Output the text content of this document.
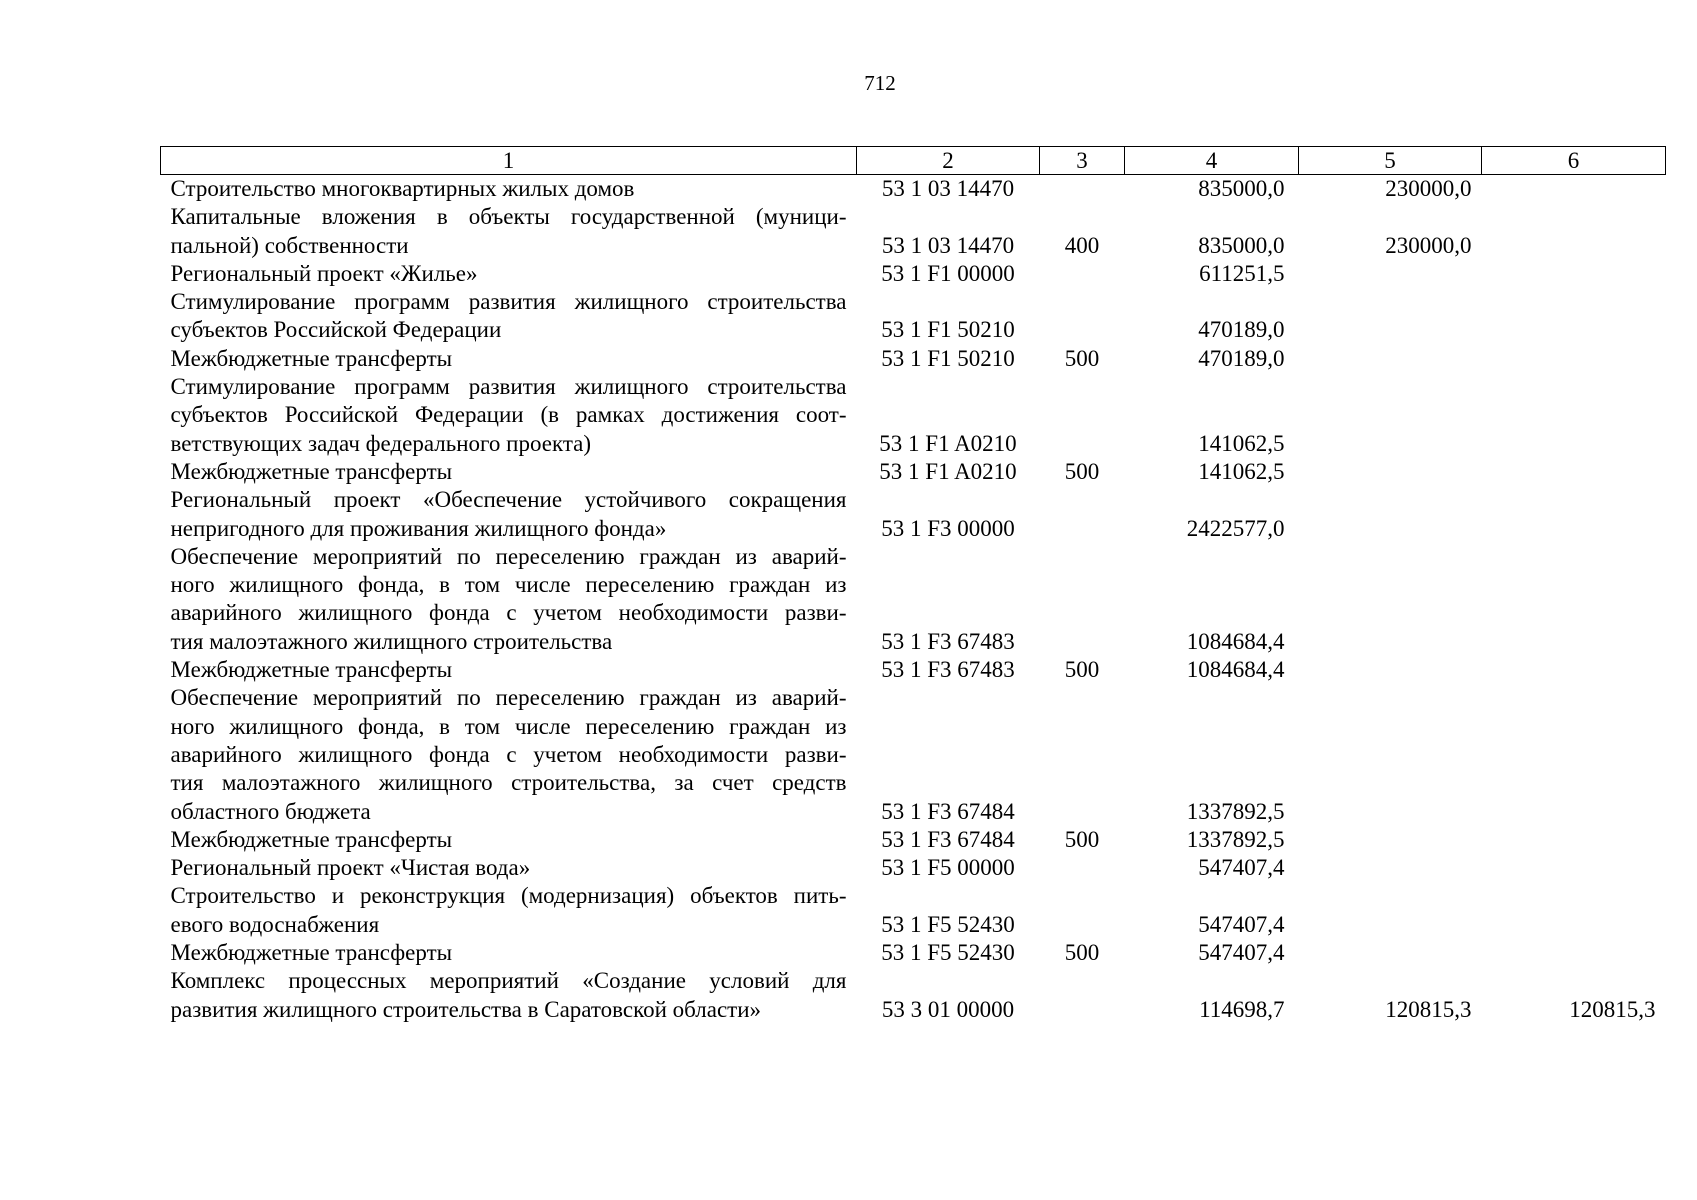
712
1	2	3	4	5	6

Строительство многоквартирных жилых домов	53 1 03 14470		835000,0	230000,0	

Капитальные вложения в объекты государственной (муници-
пальной) собственности	53 1 03 14470	400	835000,0	230000,0	

Региональный проект «Жилье»	53 1 F1 00000		611251,5		

Стимулирование программ развития жилищного строительства
субъектов Российской Федерации	53 1 F1 50210		470189,0		

Межбюджетные трансферты	53 1 F1 50210	500	470189,0		

Стимулирование программ развития жилищного строительства
субъектов Российской Федерации (в рамках достижения соот-
ветствующих задач федерального проекта)	53 1 F1 A0210		141062,5		

Межбюджетные трансферты	53 1 F1 A0210	500	141062,5		

Региональный проект «Обеспечение устойчивого сокращения
непригодного для проживания жилищного фонда»	53 1 F3 00000		2422577,0		

Обеспечение мероприятий по переселению граждан из аварий-
ного жилищного фонда, в том числе переселению граждан из
аварийного жилищного фонда с учетом необходимости разви-
тия малоэтажного жилищного строительства	53 1 F3 67483		1084684,4		

Межбюджетные трансферты	53 1 F3 67483	500	1084684,4		

Обеспечение мероприятий по переселению граждан из аварий-
ного жилищного фонда, в том числе переселению граждан из
аварийного жилищного фонда с учетом необходимости разви-
тия малоэтажного жилищного строительства, за счет средств
областного бюджета	53 1 F3 67484		1337892,5		

Межбюджетные трансферты	53 1 F3 67484	500	1337892,5		

Региональный проект «Чистая вода»	53 1 F5 00000		547407,4		

Строительство и реконструкция (модернизация) объектов пить-
евого водоснабжения	53 1 F5 52430		547407,4		

Межбюджетные трансферты	53 1 F5 52430	500	547407,4		

Комплекс процессных мероприятий «Создание условий для
развития жилищного строительства в Саратовской области»	53 3 01 00000		114698,7	120815,3	120815,3
